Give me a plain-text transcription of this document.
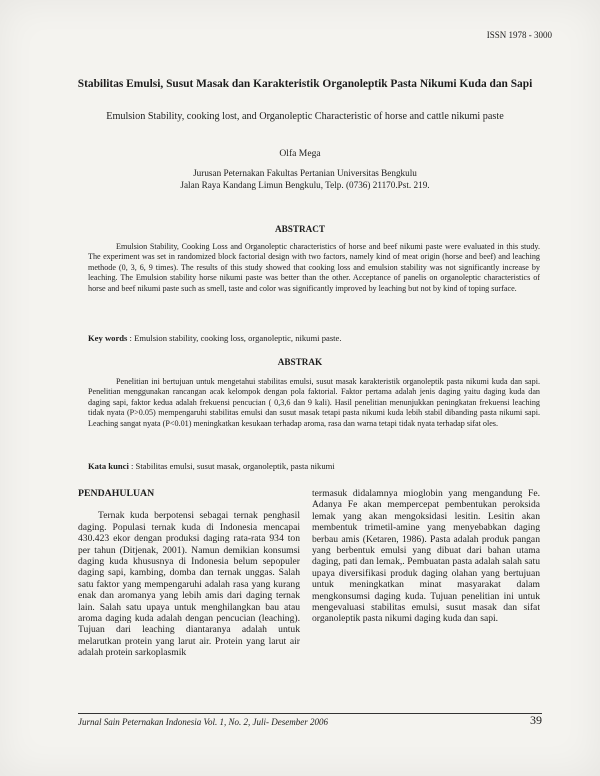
ISSN 1978 - 3000
Stabilitas Emulsi, Susut Masak dan Karakteristik Organoleptik Pasta Nikumi Kuda dan Sapi
Emulsion Stability, cooking lost, and Organoleptic Characteristic of horse and cattle nikumi paste
Olfa Mega
Jurusan Peternakan Fakultas Pertanian Universitas Bengkulu
Jalan Raya Kandang Limun Bengkulu, Telp. (0736) 21170.Pst. 219.
ABSTRACT

Emulsion Stability, Cooking Loss and Organoleptic characteristics of horse and beef nikumi paste were evaluated in this study. The experiment was set in randomized block factorial design with two factors, namely kind of meat origin (horse and beef) and leaching methode (0, 3, 6, 9 times). The results of this study showed that cooking loss and emulsion stability was not significantly increase by leaching. The Emulsion stability horse nikumi paste was better than the other. Acceptance of panelis on organoleptic characteristics of horse and beef nikumi paste such as smell, taste and color was significantly improved by leaching but not by kind of toping surface.

Key words : Emulsion stability, cooking loss, organoleptic, nikumi paste.
ABSTRAK

Penelitian ini bertujuan untuk mengetahui stabilitas emulsi, susut masak karakteristik organoleptik pasta nikumi kuda dan sapi. Penelitian menggunakan rancangan acak kelompok dengan pola faktorial. Faktor pertama adalah jenis daging yaitu daging kuda dan daging sapi, faktor kedua adalah frekuensi pencucian ( 0,3,6 dan 9 kali). Hasil penelitian menunjukkan peningkatan frekuensi leaching tidak nyata (P>0.05) mempengaruhi stabilitas emulsi dan susut masak tetapi pasta nikumi kuda lebih stabil dibanding pasta nikumi sapi. Leaching sangat nyata (P<0.01) meningkatkan kesukaan terhadap aroma, rasa dan warna tetapi tidak nyata terhadap sifat oles.

Kata kunci : Stabilitas emulsi, susut masak, organoleptik, pasta nikumi

PENDAHULUAN

Ternak kuda berpotensi sebagai ternak penghasil daging. Populasi ternak kuda di Indonesia mencapai 430.423 ekor dengan produksi daging rata-rata 934 ton per tahun (Ditjenak, 2001). Namun demikian konsumsi daging kuda khususnya di Indonesia belum sepopuler daging sapi, kambing, domba dan ternak unggas. Salah satu faktor yang mempengaruhi adalah rasa yang kurang enak dan aromanya yang lebih amis dari daging ternak lain. Salah satu upaya untuk menghilangkan bau atau aroma daging kuda adalah dengan pencucian (leaching). Tujuan dari leaching diantaranya adalah untuk melarutkan protein yang larut air. Protein yang larut air adalah protein sarkoplasmik

termasuk didalamnya mioglobin yang mengandung Fe. Adanya Fe akan mempercepat pembentukan peroksida lemak yang akan mengoksidasi lesitin. Lesitin akan membentuk trimetil-amine yang menyebabkan daging berbau amis (Ketaren, 1986). Pasta adalah produk pangan yang berbentuk emulsi yang dibuat dari bahan utama daging, pati dan lemak,. Pembuatan pasta adalah salah satu upaya diversifikasi produk daging olahan yang bertujuan untuk meningkatkan minat masyarakat dalam mengkonsumsi daging kuda. Tujuan penelitian ini untuk mengevaluasi stabilitas emulsi, susut masak dan sifat organoleptik pasta nikumi daging kuda dan sapi.

Jurnal Sain Peternakan Indonesia Vol. 1, No. 2, Juli- Desember 2006	39
